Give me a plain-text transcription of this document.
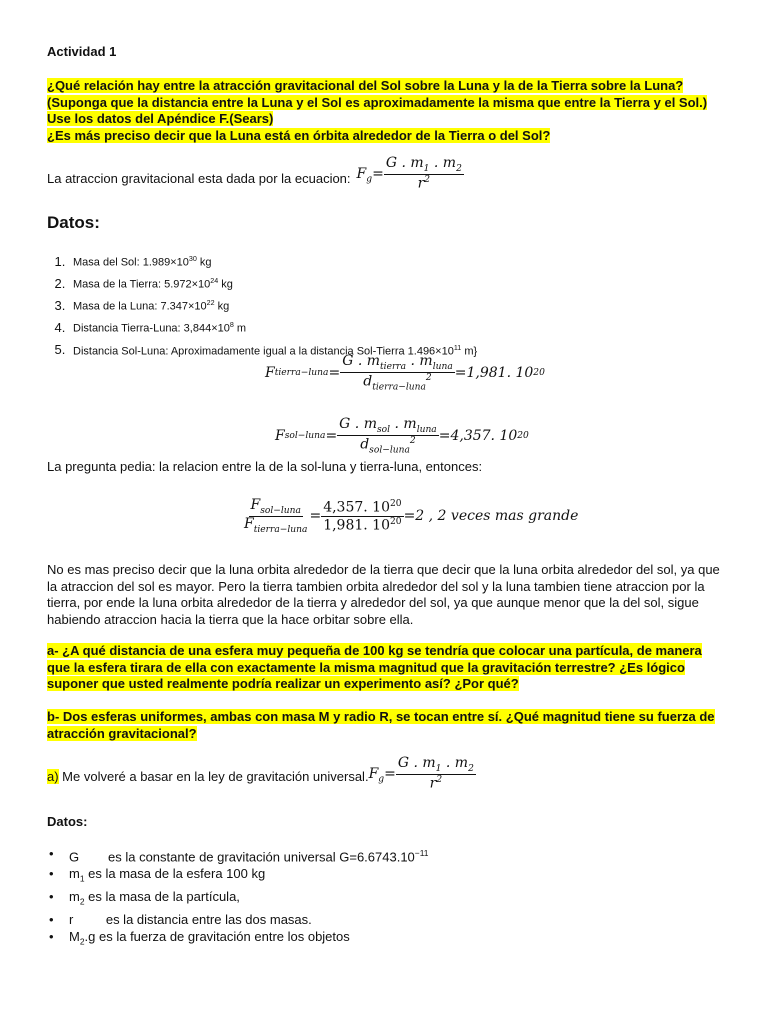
Actividad 1
¿Qué relación hay entre la atracción gravitacional del Sol sobre la Luna y la de la Tierra sobre la Luna? (Suponga que la distancia entre la Luna y el Sol es aproximadamente la misma que entre la Tierra y el Sol.)
Use los datos del Apéndice F.(Sears)
¿Es más preciso decir que la Luna está en órbita alrededor de la Tierra o del Sol?
La atraccion gravitacional esta dada por la ecuacion: $F_g= \frac{G . m_1 . m_2}{r^2}$
Datos:
1. Masa del Sol: $1.989\times 10^{30}$ kg
2. Masa de la Tierra: $5.972\times 10^{24}$ kg
3. Masa de la Luna: $7.347\times 10^{22}$ kg
4. Distancia Tierra-Luna: $3,844\times 10^8$ m
5. Distancia Sol-Luna: Aproximadamente igual a la distancia Sol-Tierra $1.496\times 10^{11}$ m}
F tierra−luna = $\frac{G . m_{tierra} . m_{luna}}{d_{tierra-luna}^2} = 1,981$. 10 20
F sol−luna = $\frac{G . m_{sol} . m_{luna}}{d_{sol-luna}^2} = 4,357$. 10 20
La pregunta pedia: la relacion entre la de la sol-luna y tierra-luna, entonces:
$\frac{F_{sol-luna}}{F_{tierra-luna}} = \frac{4,357. 10^{20}}{1,981. 10^{20}} = 2$ , 2 veces mas grande
No es mas preciso decir que la luna orbita alrededor de la tierra que decir que la luna orbita alrededor del sol, ya que la atraccion del sol es mayor. Pero la tierra tambien orbita alrededor del sol y la luna tambien tiene atraccion por la tierra, por ende la luna orbita alrededor de la tierra y alrededor del sol, ya que aunque menor que la del sol, sigue habiendo atraccion hacia la tierra que la hace orbitar sobre ella.
a- ¿A qué distancia de una esfera muy pequeña de 100 kg se tendría que colocar una partícula, de manera que la esfera tirara de ella con exactamente la misma magnitud que la gravitación terrestre? ¿Es lógico suponer que usted realmente podría realizar un experimento así? ¿Por qué?
b- Dos esferas uniformes, ambas con masa M y radio R, se tocan entre sí. ¿Qué magnitud tiene su fuerza de atracción gravitacional?
a) Me volveré a basar en la ley de gravitación universal. $F_g= \frac{G . m_1 . m_2}{r^2}$
Datos:
• G        es la constante de gravitación universal $G=6.6743.10^{-11}$
• $m_1$ es la masa de la esfera 100 kg
• $m_2$ es la masa de la partícula,
• r         es la distancia entre las dos masas.
• $M_2.g$ es la fuerza de gravitación entre los objetos
